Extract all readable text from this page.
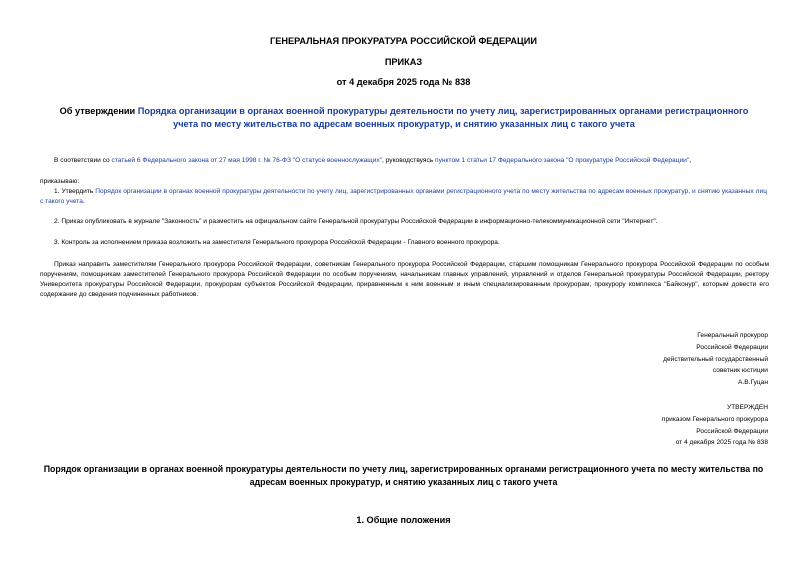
ГЕНЕРАЛЬНАЯ ПРОКУРАТУРА РОССИЙСКОЙ ФЕДЕРАЦИИ
ПРИКАЗ
от 4 декабря 2025 года № 838
Об утверждении Порядка организации в органах военной прокуратуры деятельности по учету лиц, зарегистрированных органами регистрационного учета по месту жительства по адресам военных прокуратур, и снятию указанных лиц с такого учета
В соответствии со статьей 6 Федерального закона от 27 мая 1998 г. № 76-ФЗ "О статусе военнослужащих", руководствуясь пунктом 1 статьи 17 Федерального закона "О прокуратуре Российской Федерации",
приказываю:
1. Утвердить Порядок организации в органах военной прокуратуры деятельности по учету лиц, зарегистрированных органами регистрационного учета по месту жительства по адресам военных прокуратур, и снятию указанных лиц с такого учета.
2. Приказ опубликовать в журнале "Законность" и разместить на официальном сайте Генеральной прокуратуры Российской Федерации в информационно-телекоммуникационной сети "Интернет".
3. Контроль за исполнением приказа возложить на заместителя Генерального прокурора Российской Федерации - Главного военного прокурора.
Приказ направить заместителям Генерального прокурора Российской Федерации, советникам Генерального прокурора Российской Федерации, старшим помощникам Генерального прокурора Российской Федерации по особым поручениям, помощникам заместителей Генерального прокурора Российской Федерации по особым поручениям, начальникам главных управлений, управлений и отделов Генеральной прокуратуры Российской Федерации, ректору Университета прокуратуры Российской Федерации, прокурорам субъектов Российской Федерации, приравненным к ним военным и иным специализированным прокурорам, прокурору комплекса "Байконур", которым довести его содержание до сведения подчиненных работников.
Генеральный прокурор
Российской Федерации
действительный государственный
советник юстиции
А.В.Гуцан
УТВЕРЖДЕН
приказом Генерального прокурора
Российской Федерации
от 4 декабря 2025 года № 838
Порядок организации в органах военной прокуратуры деятельности по учету лиц, зарегистрированных органами регистрационного учета по месту жительства по адресам военных прокуратур, и снятию указанных лиц с такого учета
1. Общие положения
